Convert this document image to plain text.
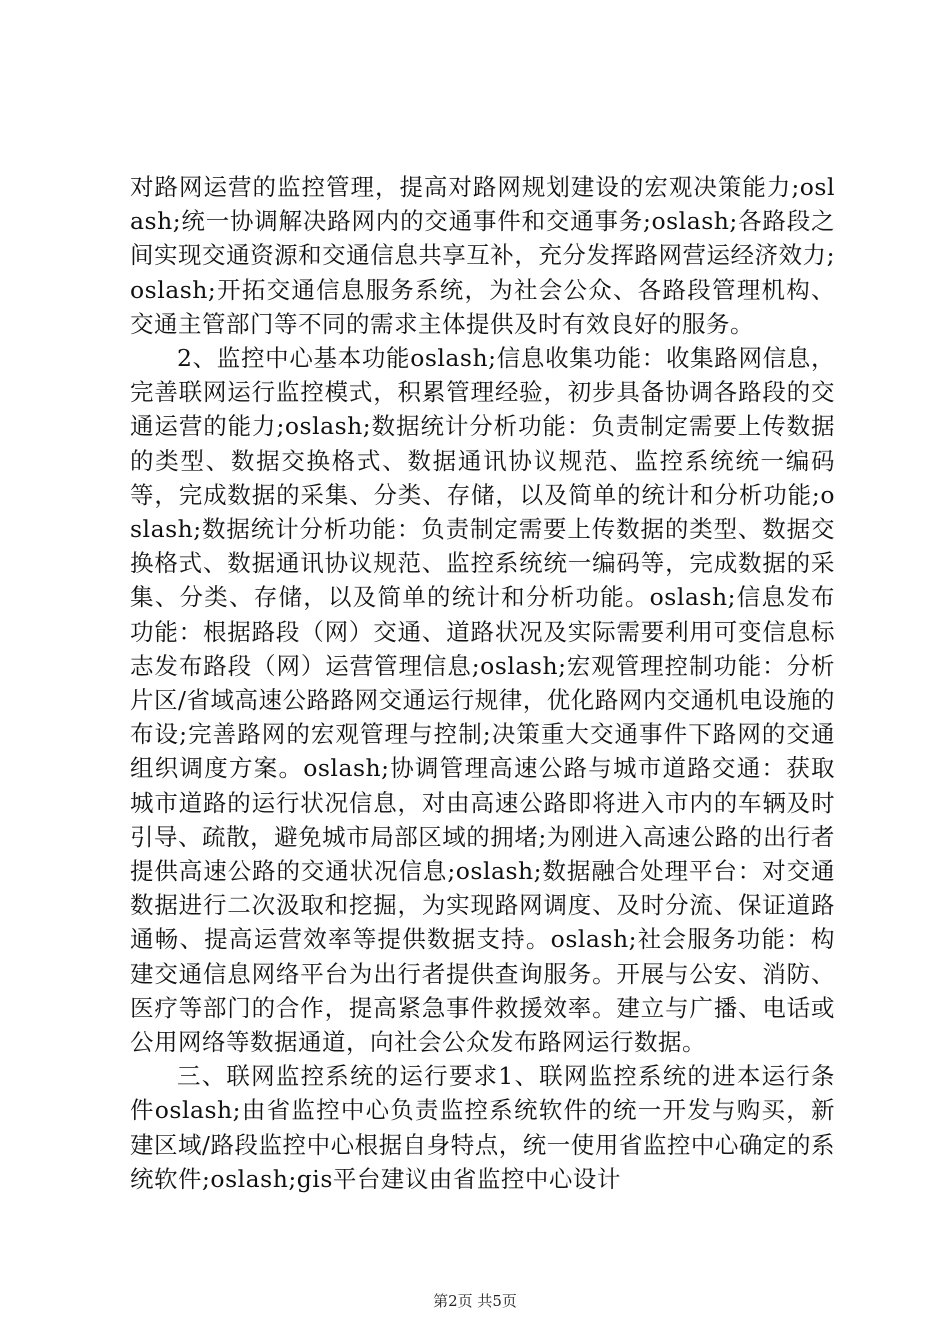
对路网运营的监控管理，提高对路网规划建设的宏观决策能力;oslash;统一协调解决路网内的交通事件和交通事务;oslash;各路段之间实现交通资源和交通信息共享互补，充分发挥路网营运经济效力;oslash;开拓交通信息服务系统，为社会公众、各路段管理机构、交通主管部门等不同的需求主体提供及时有效良好的服务。

2、监控中心基本功能oslash;信息收集功能：收集路网信息，完善联网运行监控模式，积累管理经验，初步具备协调各路段的交通运营的能力;oslash;数据统计分析功能：负责制定需要上传数据的类型、数据交换格式、数据通讯协议规范、监控系统统一编码等，完成数据的采集、分类、存储，以及简单的统计和分析功能;oslash;数据统计分析功能：负责制定需要上传数据的类型、数据交换格式、数据通讯协议规范、监控系统统一编码等，完成数据的采集、分类、存储，以及简单的统计和分析功能。oslash;信息发布功能：根据路段（网）交通、道路状况及实际需要利用可变信息标志发布路段（网）运营管理信息;oslash;宏观管理控制功能：分析片区/省域高速公路路网交通运行规律，优化路网内交通机电设施的布设;完善路网的宏观管理与控制;决策重大交通事件下路网的交通组织调度方案。oslash;协调管理高速公路与城市道路交通：获取城市道路的运行状况信息，对由高速公路即将进入市内的车辆及时引导、疏散，避免城市局部区域的拥堵;为刚进入高速公路的出行者提供高速公路的交通状况信息;oslash;数据融合处理平台：对交通数据进行二次汲取和挖掘，为实现路网调度、及时分流、保证道路通畅、提高运营效率等提供数据支持。oslash;社会服务功能：构建交通信息网络平台为出行者提供查询服务。开展与公安、消防、医疗等部门的合作，提高紧急事件救援效率。建立与广播、电话或公用网络等数据通道，向社会公众发布路网运行数据。

三、联网监控系统的运行要求1、联网监控系统的进本运行条件oslash;由省监控中心负责监控系统软件的统一开发与购买，新建区域/路段监控中心根据自身特点，统一使用省监控中心确定的系统软件;oslash;gis平台建议由省监控中心设计

第2页 共5页
